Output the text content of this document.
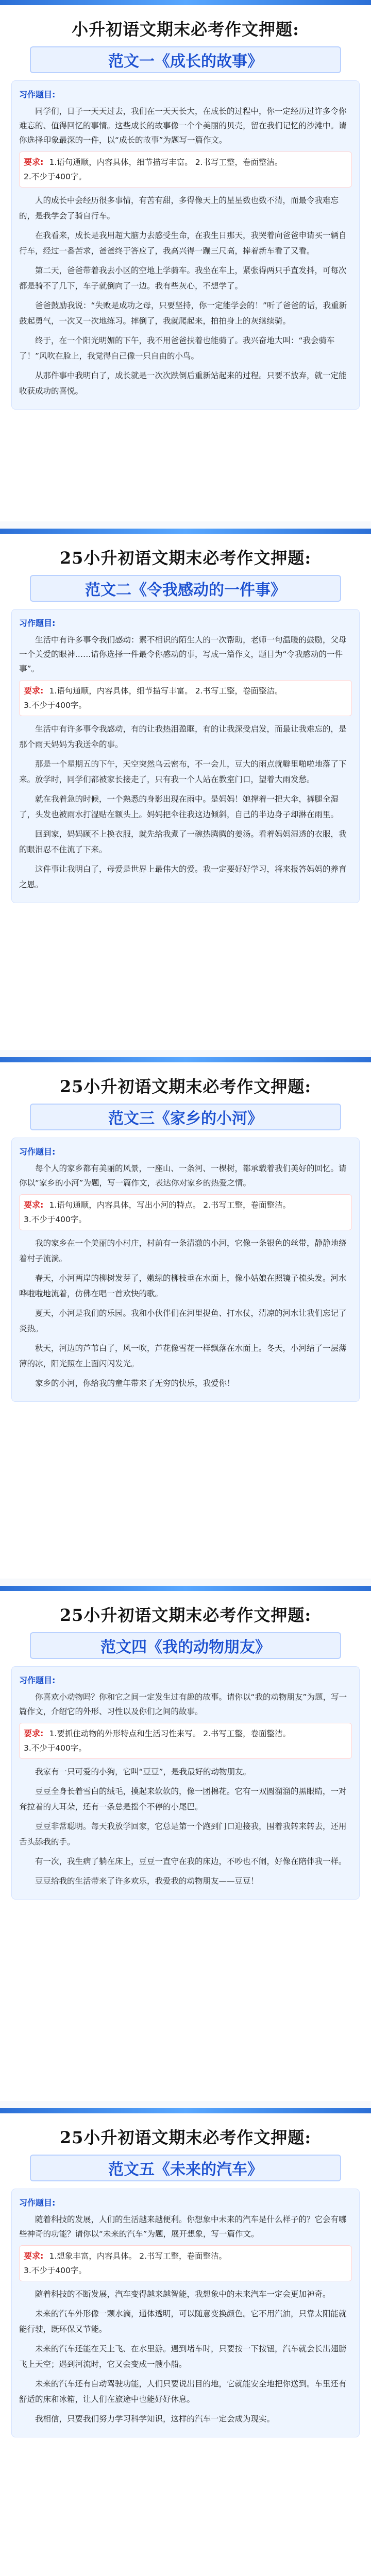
小升初语文期末必考作文押题:
范文一《成长的故事》
习作题目:
同学们，日子一天天过去，我们在一天天长大，在成长的过程中，你一定经历过许多令你难忘的、值得回忆的事情。这些成长的故事像一个个美丽的贝壳，留在我们记忆的沙滩中。请你选择印象最深的一件，以“成长的故事”为题写一篇作文。
要求: 1.语句通顺，内容具体，细节描写丰富。 2.书写工整，卷面整洁。
2.不少于400字。
人的成长中会经历很多事情，有苦有甜，多得像天上的星星数也数不清，而最令我难忘的，是我学会了骑自行车。
在我看来，成长是我用超大脑力去感受生命，在我生日那天，我哭着向爸爸申请买一辆自行车，经过一番苦求，爸爸终于答应了，我高兴得一蹦三尺高，捧着新车看了又看。
第二天，爸爸带着我去小区的空地上学骑车。我坐在车上，紧张得两只手直发抖，可每次都是骑不了几下，车子就倒向了一边。我有些灰心，不想学了。
爸爸鼓励我说：“失败是成功之母，只要坚持，你一定能学会的！”听了爸爸的话，我重新鼓起勇气，一次又一次地练习。摔倒了，我就爬起来，拍拍身上的灰继续骑。
终于，在一个阳光明媚的下午，我不用爸爸扶着也能骑了。我兴奋地大叫：“我会骑车了！”风吹在脸上，我觉得自己像一只自由的小鸟。
从那件事中我明白了，成长就是一次次跌倒后重新站起来的过程。只要不放弃，就一定能收获成功的喜悦。
25小升初语文期末必考作文押题:
范文二《令我感动的一件事》
习作题目:
生活中有许多事令我们感动：素不相识的陌生人的一次帮助，老师一句温暖的鼓励，父母一个关爱的眼神……请你选择一件最令你感动的事，写成一篇作文，题目为“令我感动的一件事”。
要求: 1.语句通顺，内容具体，细节描写丰富。 2.书写工整，卷面整洁。
3.不少于400字。
生活中有许多事令我感动，有的让我热泪盈眶，有的让我深受启发，而最让我难忘的，是那个雨天妈妈为我送伞的事。
那是一个星期五的下午，天空突然乌云密布，不一会儿，豆大的雨点就噼里啪啦地落了下来。放学时，同学们都被家长接走了，只有我一个人站在教室门口，望着大雨发愁。
就在我着急的时候，一个熟悉的身影出现在雨中。是妈妈！她撑着一把大伞，裤腿全湿了，头发也被雨水打湿贴在额头上。妈妈把伞往我这边倾斜，自己的半边身子却淋在雨里。
回到家，妈妈顾不上换衣服，就先给我煮了一碗热腾腾的姜汤。看着妈妈湿透的衣服，我的眼泪忍不住流了下来。
这件事让我明白了，母爱是世界上最伟大的爱。我一定要好好学习，将来报答妈妈的养育之恩。
25小升初语文期末必考作文押题:
范文三《家乡的小河》
习作题目:
每个人的家乡都有美丽的风景，一座山、一条河、一棵树，都承载着我们美好的回忆。请你以“家乡的小河”为题，写一篇作文，表达你对家乡的热爱之情。
要求: 1.语句通顺，内容具体，写出小河的特点。 2.书写工整，卷面整洁。
3.不少于400字。
我的家乡在一个美丽的小村庄，村前有一条清澈的小河，它像一条银色的丝带，静静地绕着村子流淌。
春天，小河两岸的柳树发芽了，嫩绿的柳枝垂在水面上，像小姑娘在照镜子梳头发。河水哗啦啦地流着，仿佛在唱一首欢快的歌。
夏天，小河是我们的乐园。我和小伙伴们在河里捉鱼、打水仗，清凉的河水让我们忘记了炎热。
秋天，河边的芦苇白了，风一吹，芦花像雪花一样飘落在水面上。冬天，小河结了一层薄薄的冰，阳光照在上面闪闪发光。
家乡的小河，你给我的童年带来了无穷的快乐，我爱你！
25小升初语文期末必考作文押题:
范文四《我的动物朋友》
习作题目:
你喜欢小动物吗？你和它之间一定发生过有趣的故事。请你以“我的动物朋友”为题，写一篇作文，介绍它的外形、习性以及你们之间的故事。
要求: 1.要抓住动物的外形特点和生活习性来写。 2.书写工整，卷面整洁。
3.不少于400字。
我家有一只可爱的小狗，它叫“豆豆”，是我最好的动物朋友。
豆豆全身长着雪白的绒毛，摸起来软软的，像一团棉花。它有一双圆溜溜的黑眼睛，一对耷拉着的大耳朵，还有一条总是摇个不停的小尾巴。
豆豆非常聪明。每天我放学回家，它总是第一个跑到门口迎接我，围着我转来转去，还用舌头舔我的手。
有一次，我生病了躺在床上，豆豆一直守在我的床边，不吵也不闹，好像在陪伴我一样。
豆豆给我的生活带来了许多欢乐，我爱我的动物朋友——豆豆！
25小升初语文期末必考作文押题:
范文五《未来的汽车》
习作题目:
随着科技的发展，人们的生活越来越便利。你想象中未来的汽车是什么样子的？它会有哪些神奇的功能？请你以“未来的汽车”为题，展开想象，写一篇作文。
要求: 1.想象丰富，内容具体。 2.书写工整，卷面整洁。
3.不少于400字。
随着科技的不断发展，汽车变得越来越智能，我想象中的未来汽车一定会更加神奇。
未来的汽车外形像一颗水滴，通体透明，可以随意变换颜色。它不用汽油，只靠太阳能就能行驶，既环保又节能。
未来的汽车还能在天上飞、在水里游。遇到堵车时，只要按一下按钮，汽车就会长出翅膀飞上天空；遇到河流时，它又会变成一艘小船。
未来的汽车还有自动驾驶功能，人们只要说出目的地，它就能安全地把你送到。车里还有舒适的床和冰箱，让人们在旅途中也能好好休息。
我相信，只要我们努力学习科学知识，这样的汽车一定会成为现实。
